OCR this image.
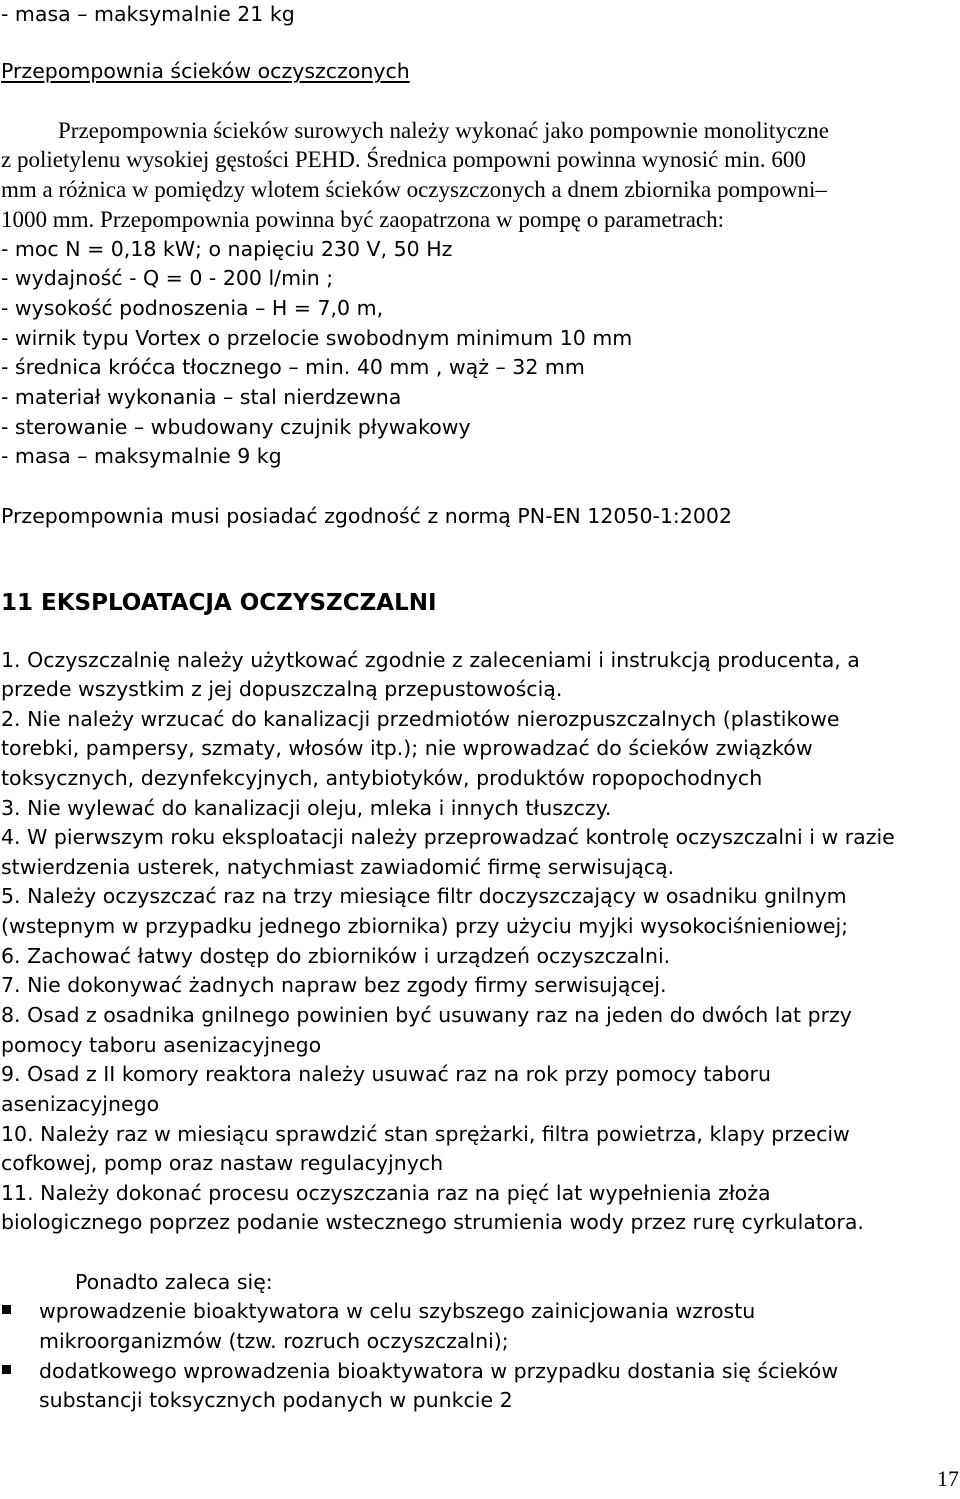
- masa – maksymalnie 21 kg
Przepompownia ścieków oczyszczonych
Przepompownia ścieków surowych należy wykonać jako pompownie monolityczne
z polietylenu wysokiej gęstości PEHD. Średnica pompowni powinna wynosić min. 600
mm a różnica w pomiędzy wlotem ścieków oczyszczonych a dnem zbiornika pompowni–
1000 mm. Przepompownia powinna być zaopatrzona w pompę o parametrach:
- moc N = 0,18 kW; o napięciu 230 V, 50 Hz
- wydajność - Q = 0 - 200 l/min ;
- wysokość podnoszenia – H = 7,0 m,
- wirnik typu Vortex o przelocie swobodnym minimum 10 mm
- średnica króćca tłocznego – min. 40 mm , wąż – 32 mm
- materiał wykonania – stal nierdzewna
- sterowanie – wbudowany czujnik pływakowy
- masa – maksymalnie 9 kg
Przepompownia musi posiadać zgodność z normą PN-EN 12050-1:2002
11 EKSPLOATACJA OCZYSZCZALNI
1. Oczyszczalnię należy użytkować zgodnie z zaleceniami i instrukcją producenta, a
przede wszystkim z jej dopuszczalną przepustowością.
2. Nie należy wrzucać do kanalizacji przedmiotów nierozpuszczalnych (plastikowe
torebki, pampersy, szmaty, włosów itp.); nie wprowadzać do ścieków związków
toksycznych, dezynfekcyjnych, antybiotyków, produktów ropopochodnych
3. Nie wylewać do kanalizacji oleju, mleka i innych tłuszczy.
4. W pierwszym roku eksploatacji należy przeprowadzać kontrolę oczyszczalni i w razie
stwierdzenia usterek, natychmiast zawiadomić firmę serwisującą.
5. Należy oczyszczać raz na trzy miesiące filtr doczyszczający w osadniku gnilnym
(wstepnym w przypadku jednego zbiornika) przy użyciu myjki wysokociśnieniowej;
6. Zachować łatwy dostęp do zbiorników i urządzeń oczyszczalni.
7. Nie dokonywać żadnych napraw bez zgody firmy serwisującej.
8. Osad z osadnika gnilnego powinien być usuwany raz na jeden do dwóch lat przy
pomocy taboru asenizacyjnego
9. Osad z II komory reaktora należy usuwać raz na rok przy pomocy taboru
asenizacyjnego
10. Należy raz w miesiącu sprawdzić stan sprężarki, filtra powietrza, klapy przeciw
cofkowej, pomp oraz nastaw regulacyjnych
11. Należy dokonać procesu oczyszczania raz na pięć lat wypełnienia złoża
biologicznego poprzez podanie wstecznego strumienia wody przez rurę cyrkulatora.
Ponadto zaleca się:
wprowadzenie bioaktywatora w celu szybszego zainicjowania wzrostu
mikroorganizmów (tzw. rozruch oczyszczalni);
dodatkowego wprowadzenia bioaktywatora w przypadku dostania się ścieków
substancji toksycznych podanych w punkcie 2
17
